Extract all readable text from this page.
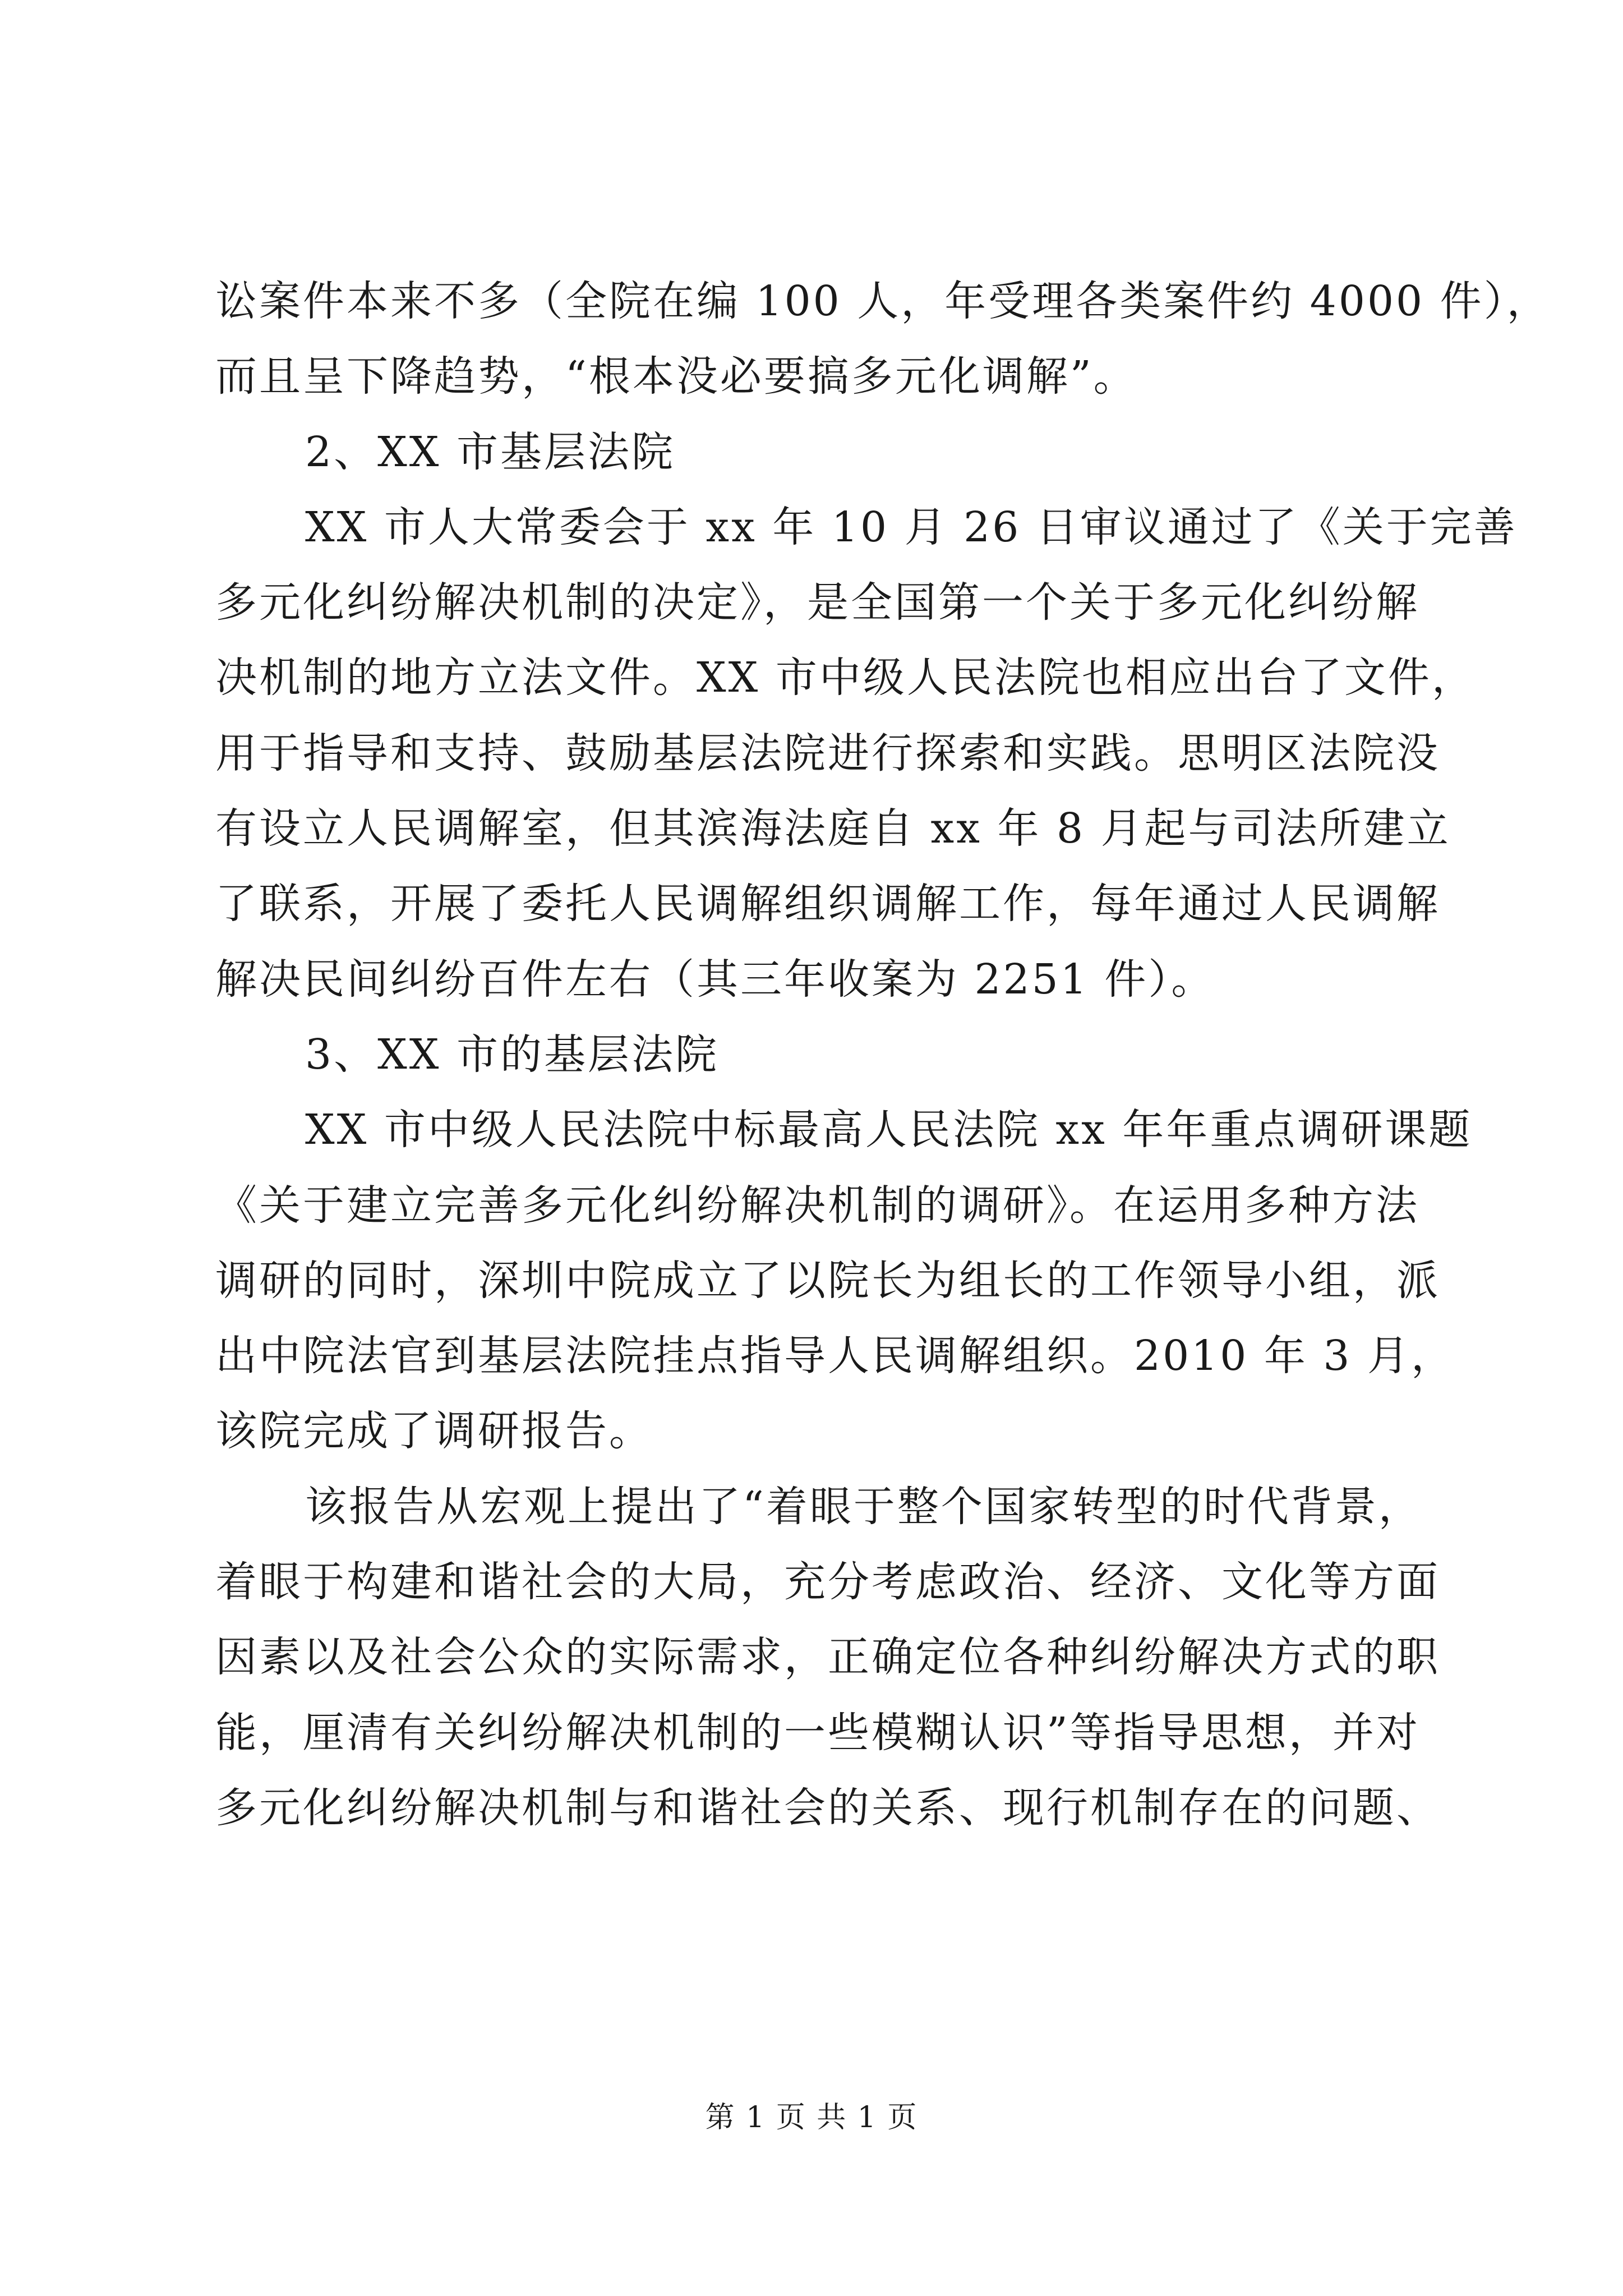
讼案件本来不多（全院在编 100 人，年受理各类案件约 4000 件），
而且呈下降趋势，“根本没必要搞多元化调解”。
2、XX 市基层法院
XX 市人大常委会于 xx 年 10 月 26 日审议通过了《关于完善
多元化纠纷解决机制的决定》，是全国第一个关于多元化纠纷解
决机制的地方立法文件。XX 市中级人民法院也相应出台了文件，
用于指导和支持、鼓励基层法院进行探索和实践。思明区法院没
有设立人民调解室，但其滨海法庭自 xx 年 8 月起与司法所建立
了联系，开展了委托人民调解组织调解工作，每年通过人民调解
解决民间纠纷百件左右（其三年收案为 2251 件）。
3、XX 市的基层法院
XX 市中级人民法院中标最高人民法院 xx 年年重点调研课题
《关于建立完善多元化纠纷解决机制的调研》。在运用多种方法
调研的同时，深圳中院成立了以院长为组长的工作领导小组，派
出中院法官到基层法院挂点指导人民调解组织。2010 年 3 月，
该院完成了调研报告。
该报告从宏观上提出了“着眼于整个国家转型的时代背景，
着眼于构建和谐社会的大局，充分考虑政治、经济、文化等方面
因素以及社会公众的实际需求，正确定位各种纠纷解决方式的职
能，厘清有关纠纷解决机制的一些模糊认识”等指导思想，并对
多元化纠纷解决机制与和谐社会的关系、现行机制存在的问题、
第 1 页 共 1 页
